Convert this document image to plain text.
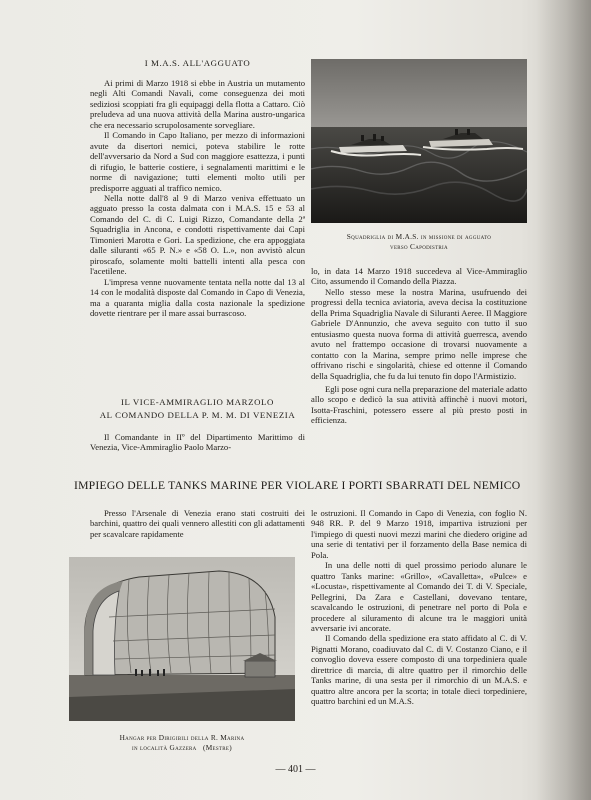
I M.A.S. ALL'AGGUATO

Ai primi di Marzo 1918 si ebbe in Austria un mutamento negli Alti Comandi Navali, come conseguenza dei moti sediziosi scoppiati fra gli equipaggi della flotta a Cattaro. Ciò preludeva ad una nuova attività della Marina austro-ungarica che era necessario scrupolosamente sorvegliare.

Il Comando in Capo Italiano, per mezzo di informazioni avute da disertori nemici, poteva stabilire le rotte dell'avversario da Nord a Sud con maggiore esattezza, i punti di rifugio, le batterie costiere, i segnalamenti marittimi e le norme di navigazione; tutti elementi molto utili per predisporre agguati al traffico nemico.

Nella notte dall'8 al 9 di Marzo veniva effettuato un agguato presso la costa dalmata con i M.A.S. 15 e 53 al Comando del C. di C. Luigi Rizzo, Comandante della 2ª Squadriglia in Ancona, e condotti rispettivamente dai Capi Timonieri Marotta e Gori. La spedizione, che era appoggiata dalle siluranti «65 P. N.» e «58 O. L.», non avvistò alcun piroscafo, solamente molti battelli intenti alla pesca con l'acetilene.

L'impresa venne nuovamente tentata nella notte dal 13 al 14 con le modalità disposte dal Comando in Capo di Venezia, ma a quaranta miglia dalla costa nazionale la spedizione dovette rientrare per il mare assai burrascoso.

IL VICE-AMMIRAGLIO MARZOLO
AL COMANDO DELLA P. M. M. DI VENEZIA

Il Comandante in IIº del Dipartimento Marittimo di Venezia, Vice-Ammiraglio Paolo Marzo-

Squadriglia di M.A.S. in missione di agguato
verso Capodistria

lo, in data 14 Marzo 1918 succedeva al Vice-Ammiraglio Cito, assumendo il Comando della Piazza.

Nello stesso mese la nostra Marina, usufruendo dei progressi della tecnica aviatoria, aveva decisa la costituzione della Prima Squadriglia Navale di Siluranti Aeree. Il Maggiore Gabriele D'Annunzio, che aveva seguito con tutto il suo entusiasmo questa nuova forma di attività guerresca, avendo avuto nel frattempo occasione di trovarsi nuovamente a contatto con la Marina, sempre primo nelle imprese che offrivano rischi e singolarità, chiese ed ottenne il Comando della Squadriglia, che fu da lui tenuto fin dopo l'Armistizio.

Egli pose ogni cura nella preparazione del materiale adatto allo scopo e dedicò la sua attività affinchè i nuovi motori, Isotta-Fraschini, potessero essere al più presto posti in efficienza.

IMPIEGO DELLE TANKS MARINE PER VIOLARE I PORTI SBARRATI DEL NEMICO

Presso l'Arsenale di Venezia erano stati costruiti dei barchini, quattro dei quali vennero allestiti con gli adattamenti per scavalcare rapidamente

Hangar per Dirigibili della R. Marina
in località Gazzera   (Mestre)

le ostruzioni. Il Comando in Capo di Venezia, con foglio N. 948 RR. P. del 9 Marzo 1918, impartiva istruzioni per l'impiego di questi nuovi mezzi marini che diedero origine ad una serie di tentativi per il forzamento della Base nemica di Pola.

In una delle notti di quel prossimo periodo alunare le quattro Tanks marine: «Grillo», «Cavalletta», «Pulce» e «Locusta», rispettivamente al Comando dei T. di V. Speciale, Pellegrini, Da Zara e Castellani, dovevano tentare, scavalcando le ostruzioni, di penetrare nel porto di Pola e procedere al siluramento di alcune tra le maggiori unità avversarie ivi ancorate.

Il Comando della spedizione era stato affidato al C. di V. Pignatti Morano, coadiuvato dal C. di V. Costanzo Ciano, e il convoglio doveva essere composto di una torpediniera quale direttrice di marcia, di altre quattro per il rimorchio delle Tanks marine, di una sesta per il rimorchio di un M.A.S. e quattro altre ancora per la scorta; in totale dieci torpediniere, quattro barchini ed un M.A.S.

— 401 —
